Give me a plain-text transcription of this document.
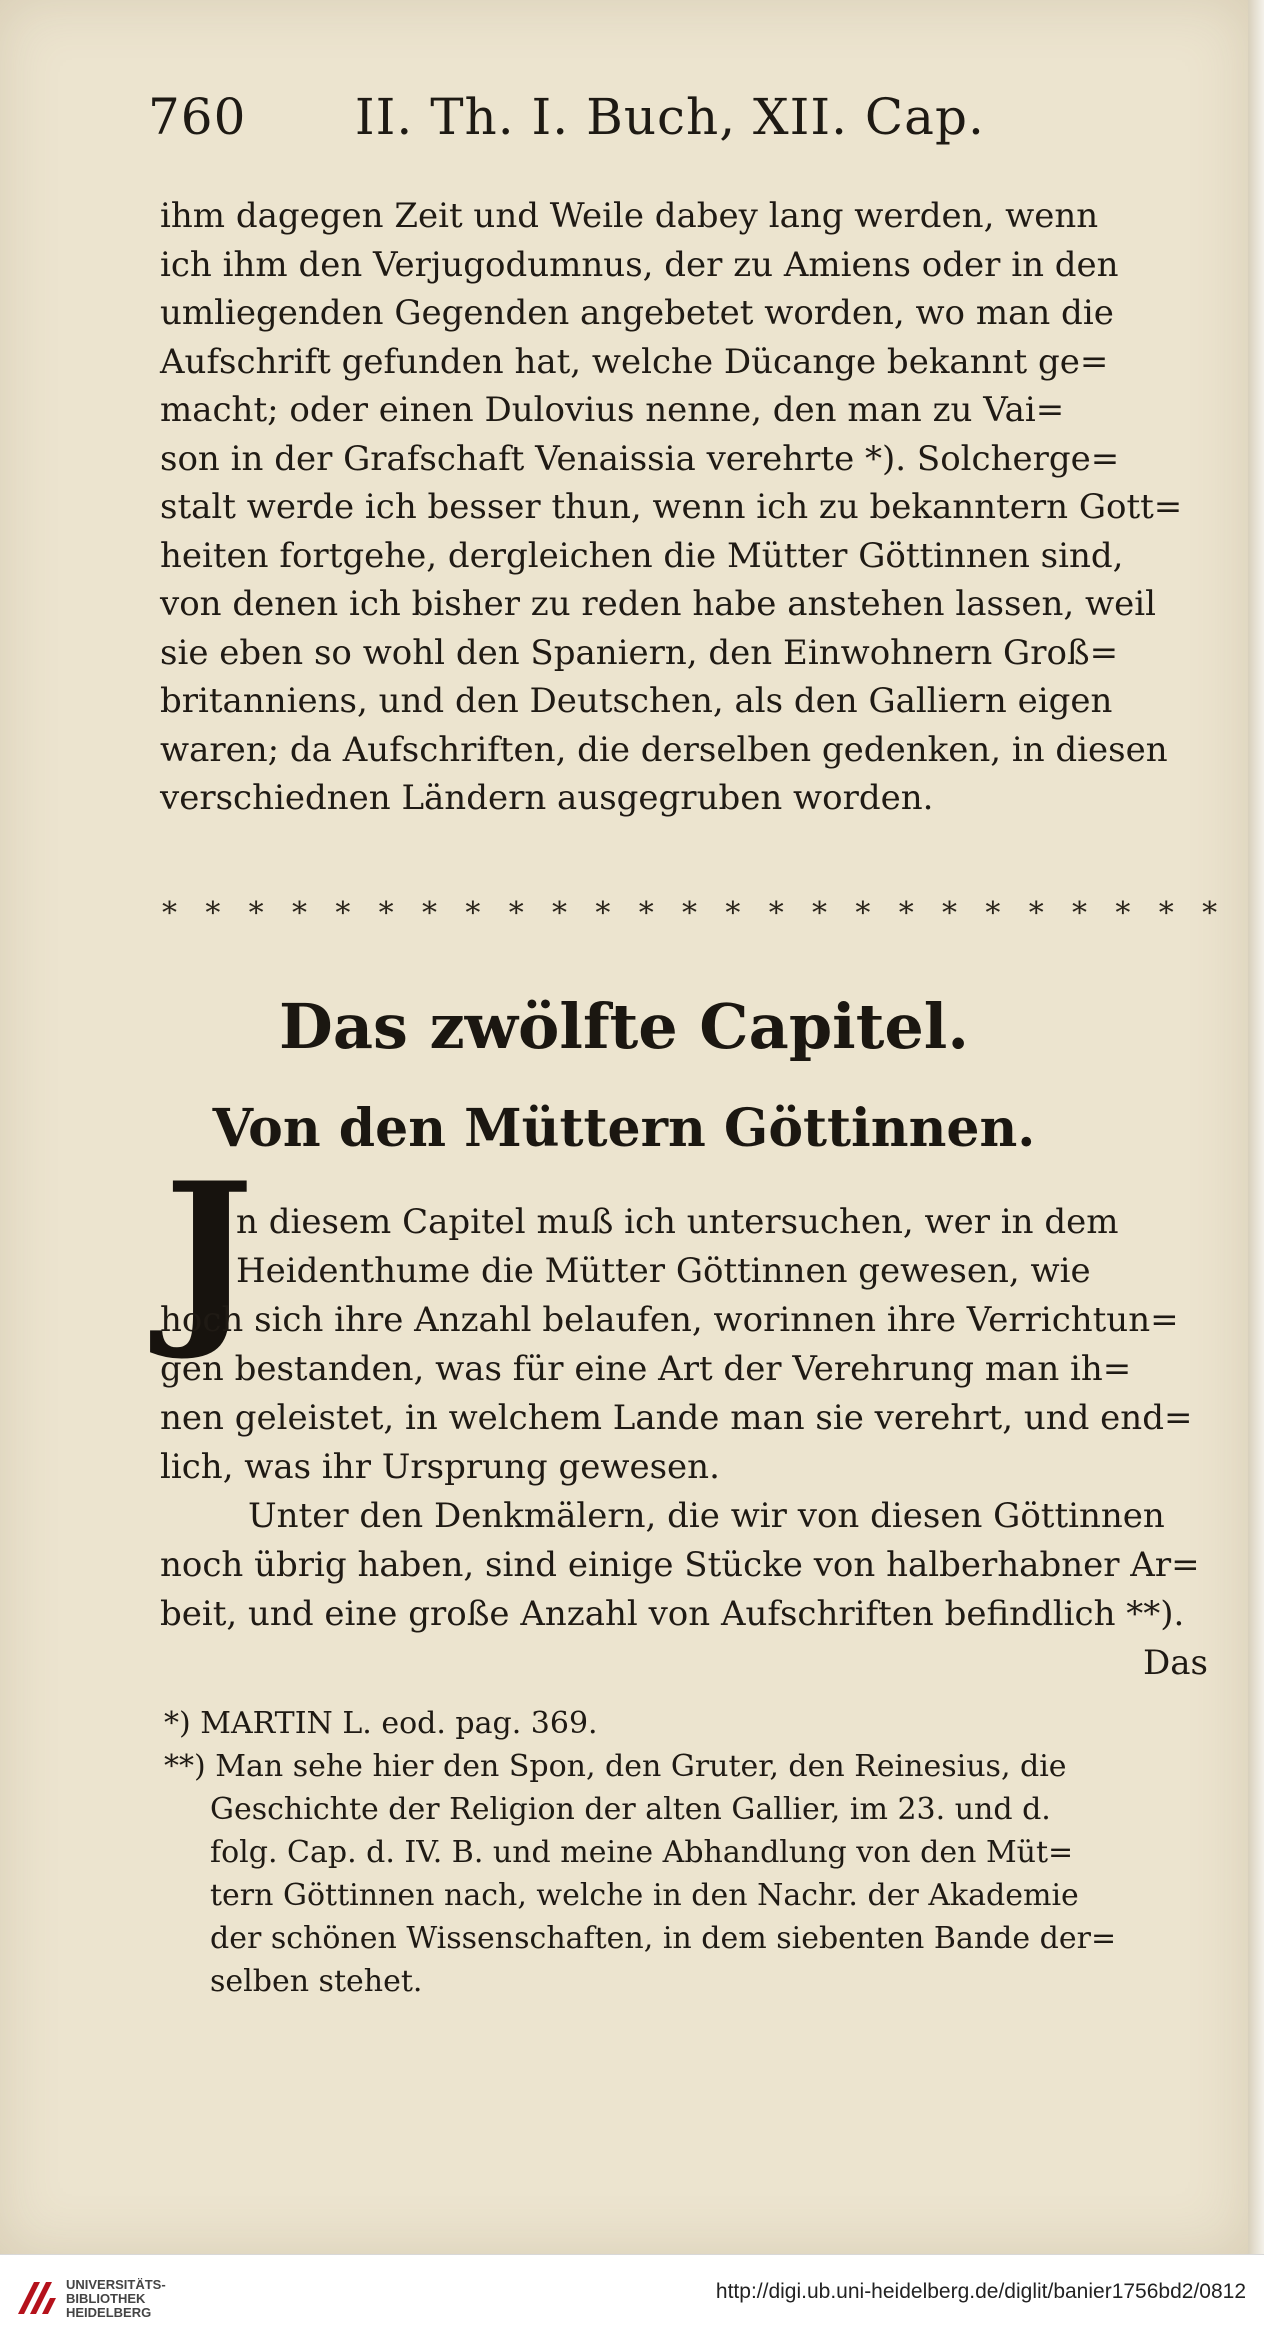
760 II. Th. I. Buch, XII. Cap.
ihm dagegen Zeit und Weile dabey lang werden, wenn
ich ihm den Verjugodumnus, der zu Amiens oder in den
umliegenden Gegenden angebetet worden, wo man die
Aufschrift gefunden hat, welche Dücange bekannt ge=
macht; oder einen Dulovius nenne, den man zu Vai=
son in der Grafschaft Venaissia verehrte *). Solcherge=
stalt werde ich besser thun, wenn ich zu bekanntern Gott=
heiten fortgehe, dergleichen die Mütter Göttinnen sind,
von denen ich bisher zu reden habe anstehen lassen, weil
sie eben so wohl den Spaniern, den Einwohnern Groß=
britanniens, und den Deutschen, als den Galliern eigen
waren; da Aufschriften, die derselben gedenken, in diesen
verschiednen Ländern ausgegruben worden.
* * * * * * * * * * * * * * * * * * * * * * * * *
Das zwölfte Capitel.
Von den Müttern Göttinnen.
J
n diesem Capitel muß ich untersuchen, wer in dem
Heidenthume die Mütter Göttinnen gewesen, wie
hoch sich ihre Anzahl belaufen, worinnen ihre Verrichtun=
gen bestanden, was für eine Art der Verehrung man ih=
nen geleistet, in welchem Lande man sie verehrt, und end=
lich, was ihr Ursprung gewesen.
Unter den Denkmälern, die wir von diesen Göttinnen
noch übrig haben, sind einige Stücke von halberhabner Ar=
beit, und eine große Anzahl von Aufschriften befindlich **).
Das
*) MARTIN L. eod. pag. 369.
**) Man sehe hier den Spon, den Gruter, den Reinesius, die
Geschichte der Religion der alten Gallier, im 23. und d.
folg. Cap. d. IV. B. und meine Abhandlung von den Müt=
tern Göttinnen nach, welche in den Nachr. der Akademie
der schönen Wissenschaften, in dem siebenten Bande der=
selben stehet.
UNIVERSITÄTS-
BIBLIOTHEK
HEIDELBERG
http://digi.ub.uni-heidelberg.de/diglit/banier1756bd2/0812
